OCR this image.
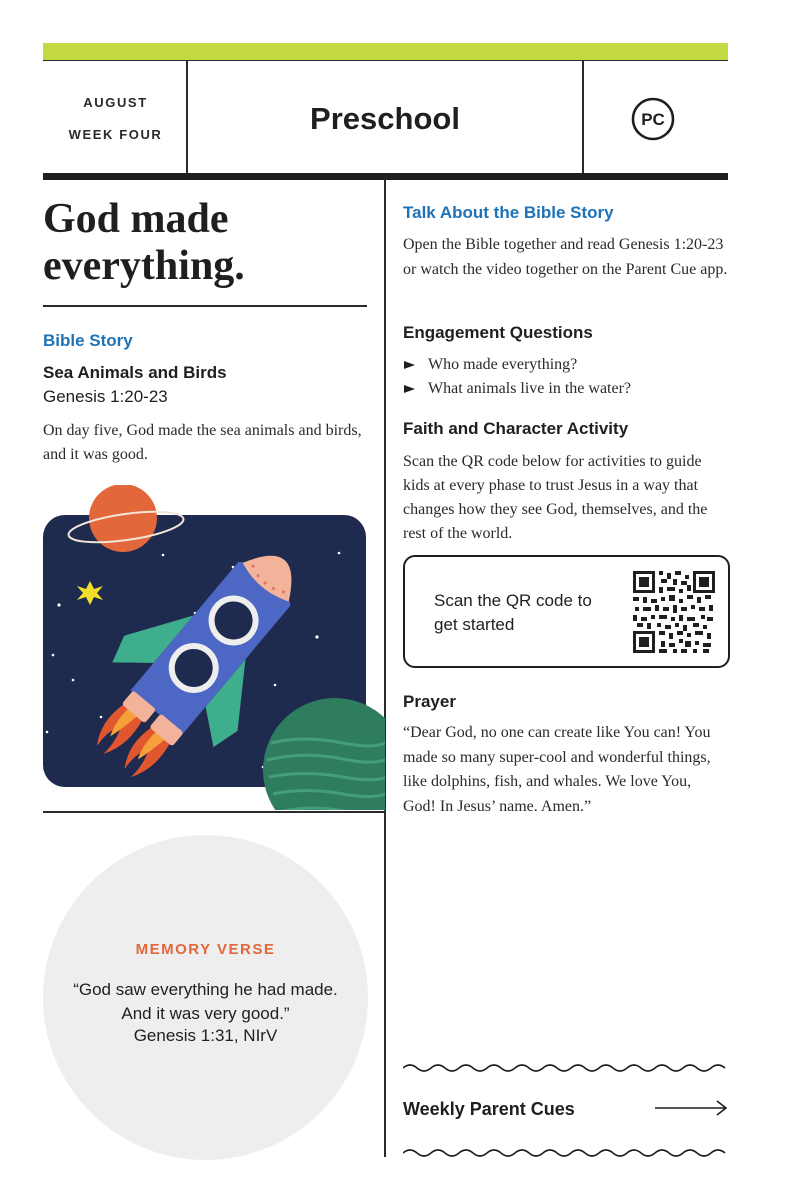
AUGUST
WEEK FOUR	Preschool	PC
God made everything.
Bible Story
Sea Animals and Birds
Genesis 1:20-23
On day five, God made the sea animals and birds, and it was good.
MEMORY VERSE
“God saw everything he had made. And it was very good.”
Genesis 1:31, NIrV
Talk About the Bible Story
Open the Bible together and read Genesis 1:20-23 or watch the video together on the Parent Cue app.
Engagement Questions
Who made everything?
What animals live in the water?
Faith and Character Activity
Scan the QR code below for activities to guide kids at every phase to trust Jesus in a way that changes how they see God, themselves, and the rest of the world.
Scan the QR code to get started
Prayer
“Dear God, no one can create like You can! You made so many super-cool and wonderful things, like dolphins, fish, and whales. We love You, God! In Jesus’ name. Amen.”
Weekly Parent Cues
